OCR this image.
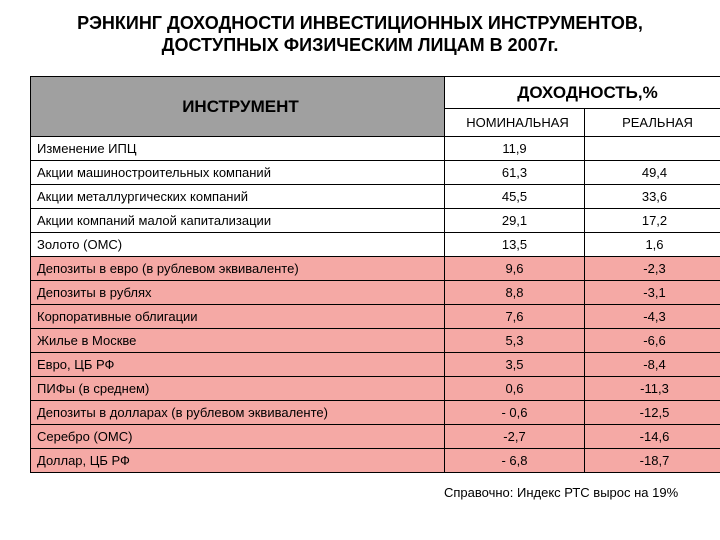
РЭНКИНГ ДОХОДНОСТИ ИНВЕСТИЦИОННЫХ ИНСТРУМЕНТОВ,
ДОСТУПНЫХ ФИЗИЧЕСКИМ ЛИЦАМ В 2007г.
ИНСТРУМЕНТ	ДОХОДНОСТЬ,%	
	НОМИНАЛЬНАЯ	РЕАЛЬНАЯ
Изменение ИПЦ	11,9	
Акции машиностроительных компаний	61,3	49,4
Акции металлургических компаний	45,5	33,6
Акции компаний малой капитализации	29,1	17,2
Золото (ОМС)	13,5	1,6
Депозиты в евро (в рублевом эквиваленте)	9,6	-2,3
Депозиты в рублях	8,8	-3,1
Корпоративные облигации	7,6	-4,3
Жилье в Москве	5,3	-6,6
Евро, ЦБ РФ	3,5	-8,4
ПИФы (в среднем)	0,6	-11,3
Депозиты в долларах (в рублевом эквиваленте)	- 0,6	-12,5
Серебро (ОМС)	-2,7	-14,6
Доллар, ЦБ РФ	- 6,8	-18,7
Справочно: Индекс РТС вырос на 19%
